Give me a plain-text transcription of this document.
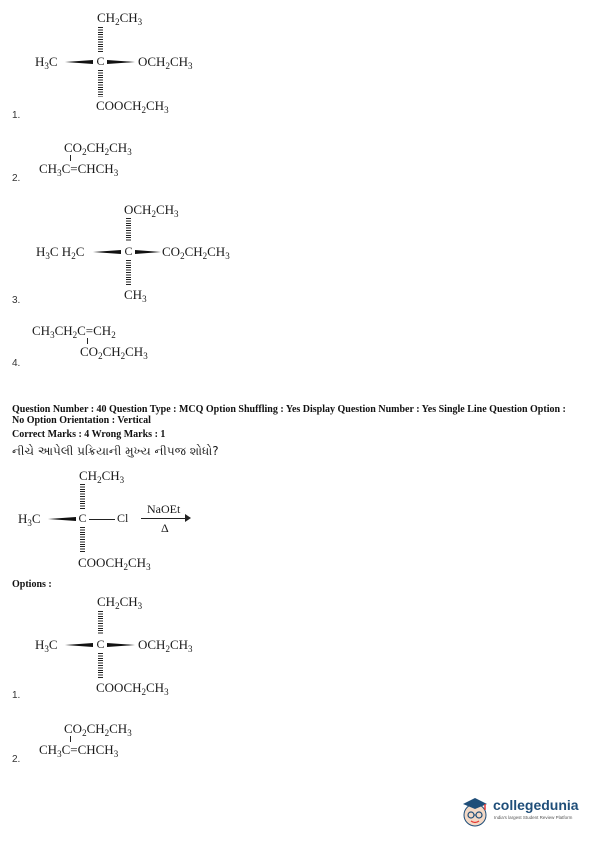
$CH_2CH_3$
$H_3C$	C	$OCH_2CH_3$
$COOCH_2CH_3$
1.
$CO_2CH_2CH_3$
$CH_3C=CHCH_3$
2.
$OCH_2CH_3$
$H_3C$ $H_2C$	C $CO_2CH_2CH_3$
$CH_3$
3.
$CH_3CH_2C=CH_2$
$CO_2CH_2CH_3$
4.
Question Number : 40 Question Type : MCQ Option Shuffling : Yes Display Question Number : Yes Single Line Question Option :
No Option Orientation : Vertical
Correct Marks : 4 Wrong Marks : 1
નીચે આપેલી પ્રક્રિયાની મુખ્ય નીપજ શોધો?
$CH_2CH_3$
$H_3C$	C	Cl
NaOEt
Δ
$COOCH_2CH_3$
Options :
$CH_2CH_3$
$H_3C$	C	$OCH_2CH_3$
$COOCH_2CH_3$
1.
$CO_2CH_2CH_3$
$CH_3C=CHCH_3$
2.
collegedunia
India's largest Student Review Platform
